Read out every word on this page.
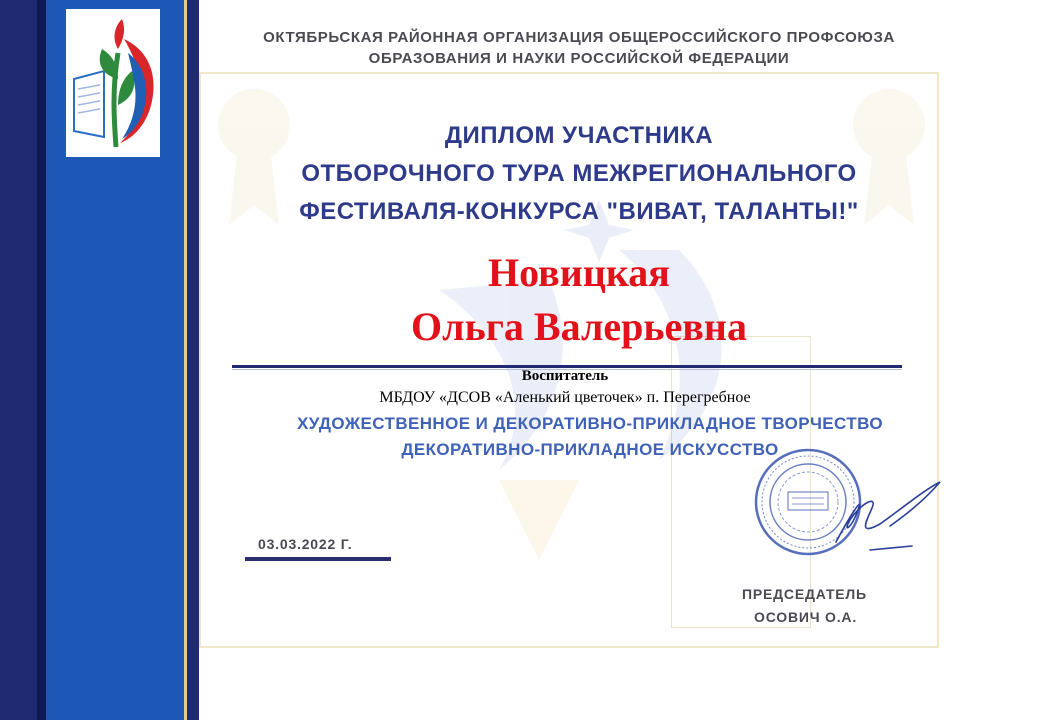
ОКТЯБРЬСКАЯ РАЙОННАЯ ОРГАНИЗАЦИЯ ОБЩЕРОССИЙСКОГО ПРОФСОЮЗА
ОБРАЗОВАНИЯ И НАУКИ РОССИЙСКОЙ ФЕДЕРАЦИИ
ДИПЛОМ УЧАСТНИКА
ОТБОРОЧНОГО ТУРА МЕЖРЕГИОНАЛЬНОГО
ФЕСТИВАЛЯ-КОНКУРСА "ВИВАТ, ТАЛАНТЫ!"
Новицкая
Ольга Валерьевна
Воспитатель
МБДОУ «ДСОВ «Аленький цветочек» п. Перегребное
ХУДОЖЕСТВЕННОЕ И ДЕКОРАТИВНО-ПРИКЛАДНОЕ ТВОРЧЕСТВО
ДЕКОРАТИВНО-ПРИКЛАДНОЕ ИСКУССТВО
03.03.2022 Г.
ПРЕДСЕДАТЕЛЬ
ОСОВИЧ О.А.
